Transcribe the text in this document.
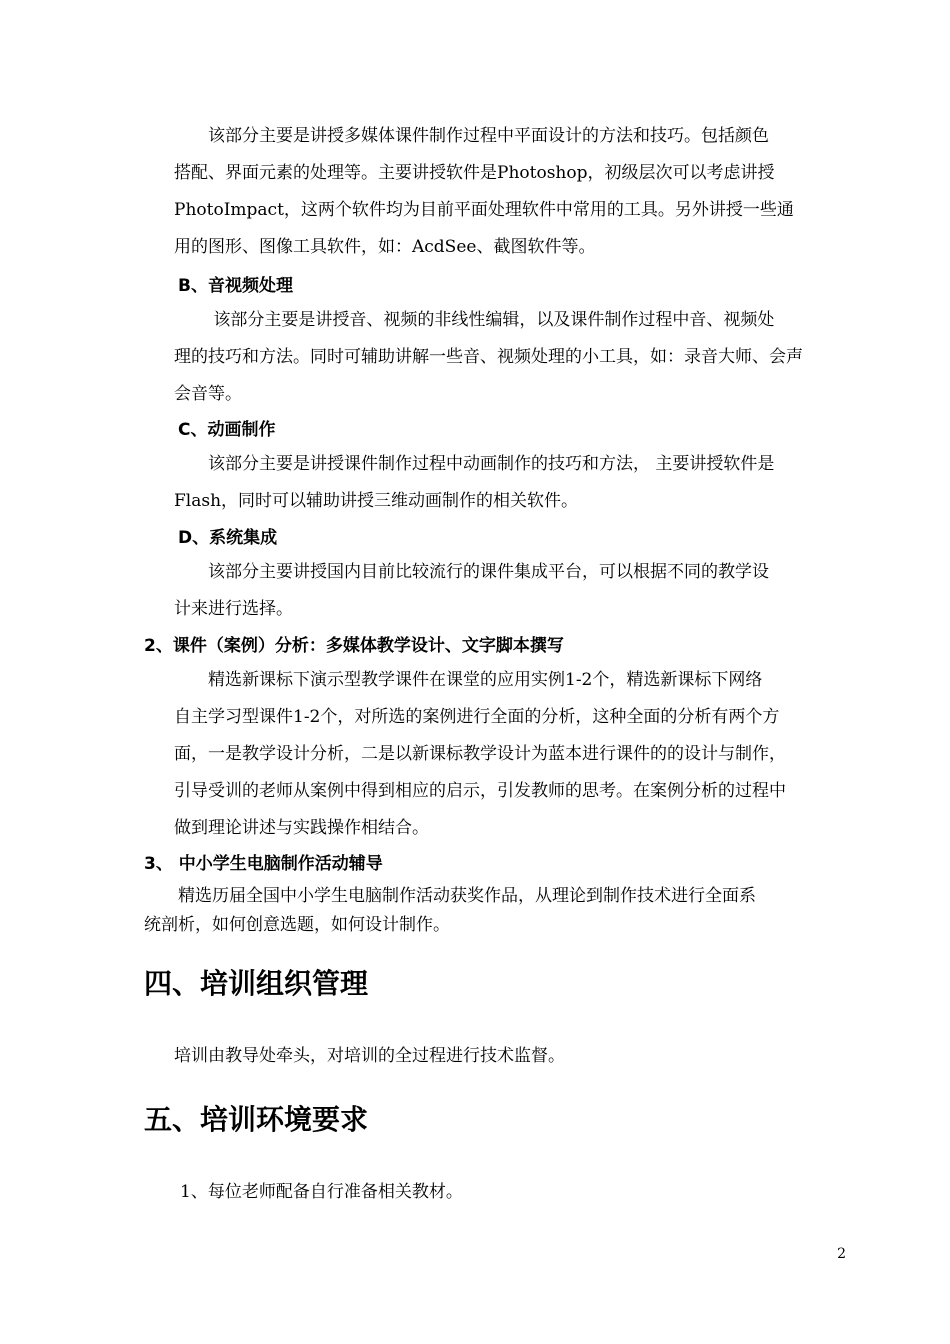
　　该部分主要是讲授多媒体课件制作过程中平面设计的方法和技巧。包括颜色
搭配、界面元素的处理等。主要讲授软件是Photoshop，初级层次可以考虑讲授
PhotoImpact，这两个软件均为目前平面处理软件中常用的工具。另外讲授一些通
用的图形、图像工具软件，如：AcdSee、截图软件等。
B、音视频处理
　　 该部分主要是讲授音、视频的非线性编辑，以及课件制作过程中音、视频处
理的技巧和方法。同时可辅助讲解一些音、视频处理的小工具，如：录音大师、会声
会音等。
C、动画制作
　　该部分主要是讲授课件制作过程中动画制作的技巧和方法， 主要讲授软件是
Flash，同时可以辅助讲授三维动画制作的相关软件。
D、系统集成
　　该部分主要讲授国内目前比较流行的课件集成平台，可以根据不同的教学设
计来进行选择。
2、课件（案例）分析：多媒体教学设计、文字脚本撰写
　　精选新课标下演示型教学课件在课堂的应用实例1-2个，精选新课标下网络
自主学习型课件1-2个，对所选的案例进行全面的分析，这种全面的分析有两个方
面，一是教学设计分析，二是以新课标教学设计为蓝本进行课件的的设计与制作，
引导受训的老师从案例中得到相应的启示，引发教师的思考。在案例分析的过程中
做到理论讲述与实践操作相结合。
3、 中小学生电脑制作活动辅导
　　精选历届全国中小学生电脑制作活动获奖作品，从理论到制作技术进行全面系
统剖析，如何创意选题，如何设计制作。
四、培训组织管理
培训由教导处牵头，对培训的全过程进行技术监督。
五、培训环境要求
1、每位老师配备自行准备相关教材。
2
